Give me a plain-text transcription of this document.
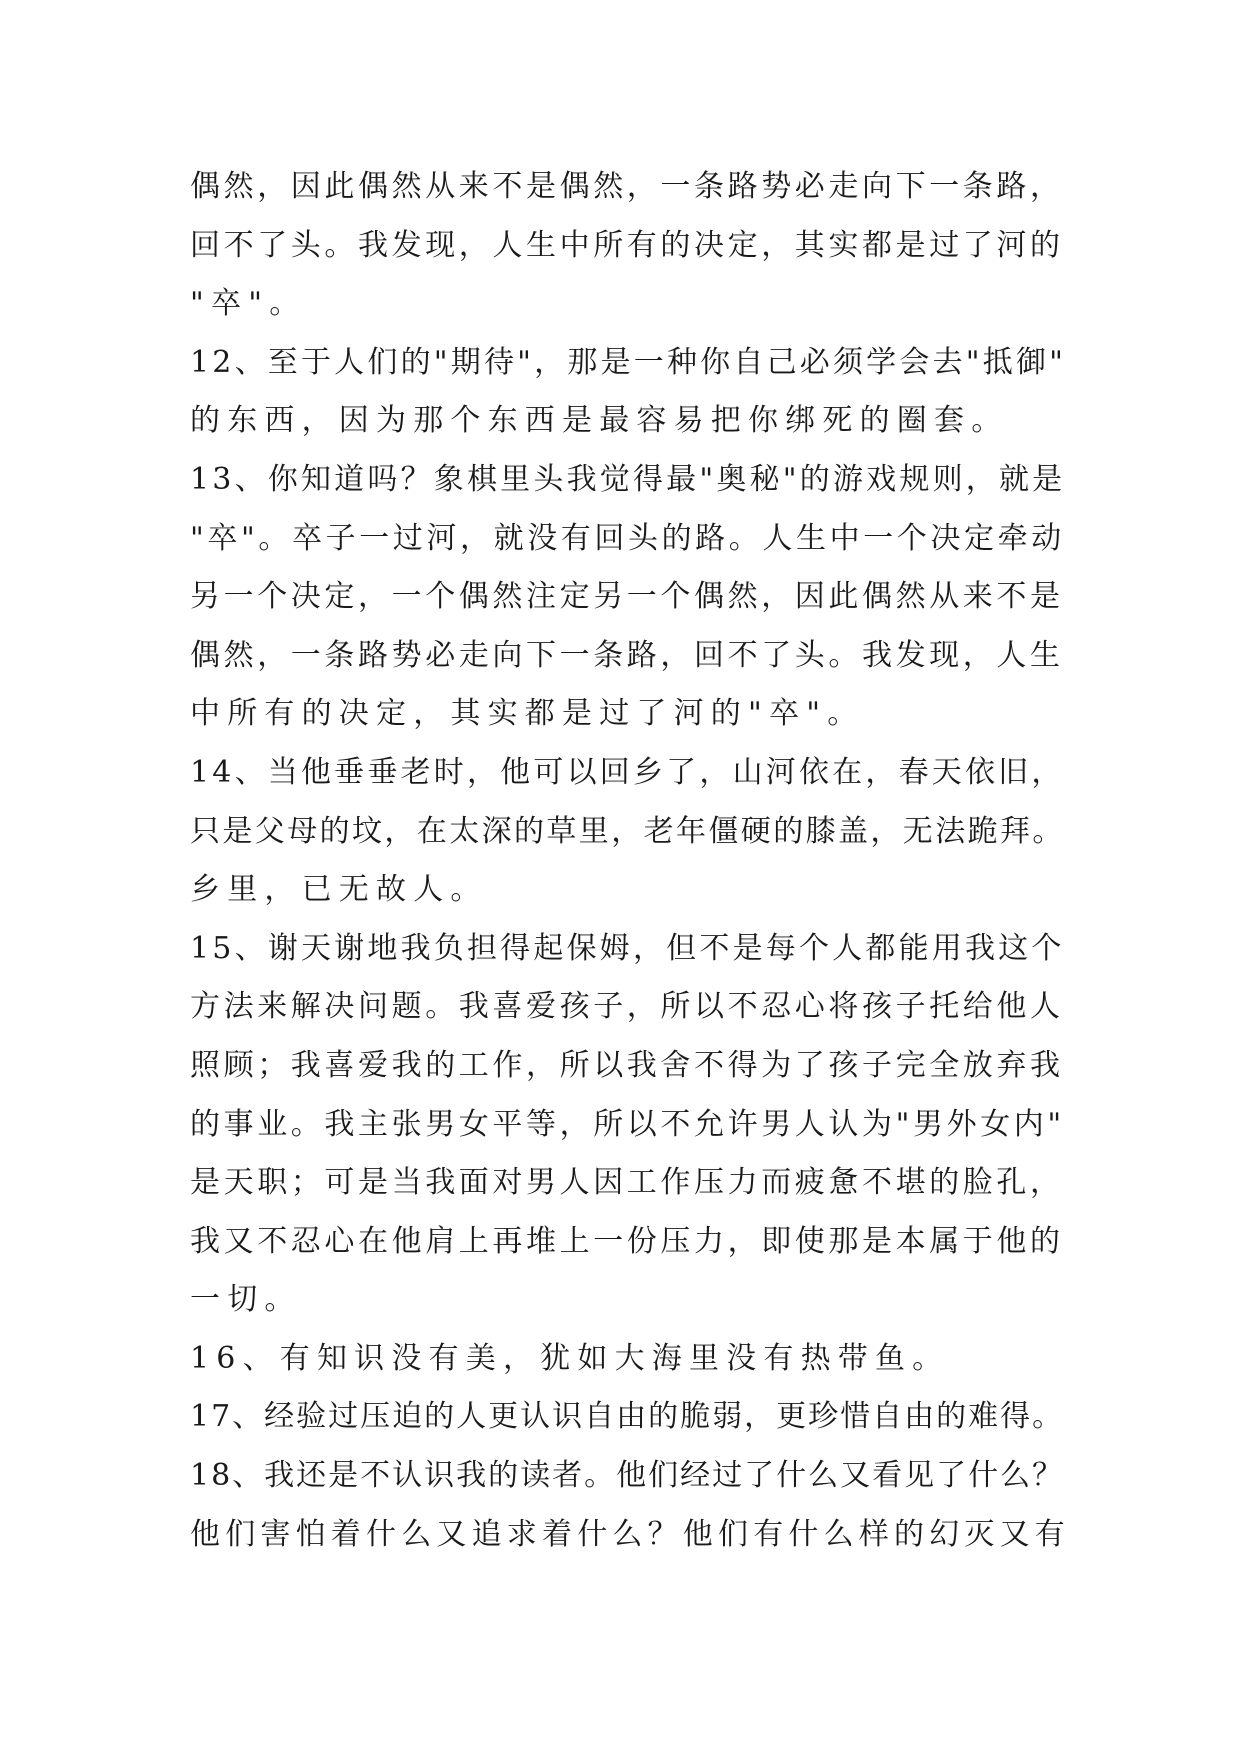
偶然，因此偶然从来不是偶然，一条路势必走向下一条路，
回不了头。我发现，人生中所有的决定，其实都是过了河的
"卒"。
12、至于人们的"期待"，那是一种你自己必须学会去"抵御"
的东西，因为那个东西是最容易把你绑死的圈套。
13、你知道吗？象棋里头我觉得最"奥秘"的游戏规则，就是
"卒"。卒子一过河，就没有回头的路。人生中一个决定牵动
另一个决定，一个偶然注定另一个偶然，因此偶然从来不是
偶然，一条路势必走向下一条路，回不了头。我发现，人生
中所有的决定，其实都是过了河的"卒"。
14、当他垂垂老时，他可以回乡了，山河依在，春天依旧，
只是父母的坟，在太深的草里，老年僵硬的膝盖，无法跪拜。
乡里，已无故人。
15、谢天谢地我负担得起保姆，但不是每个人都能用我这个
方法来解决问题。我喜爱孩子，所以不忍心将孩子托给他人
照顾；我喜爱我的工作，所以我舍不得为了孩子完全放弃我
的事业。我主张男女平等，所以不允许男人认为"男外女内"
是天职；可是当我面对男人因工作压力而疲惫不堪的脸孔，
我又不忍心在他肩上再堆上一份压力，即使那是本属于他的
一切。
16、有知识没有美，犹如大海里没有热带鱼。
17、经验过压迫的人更认识自由的脆弱，更珍惜自由的难得。
18、我还是不认识我的读者。他们经过了什么又看见了什么？
他们害怕着什么又追求着什么？他们有什么样的幻灭又有
